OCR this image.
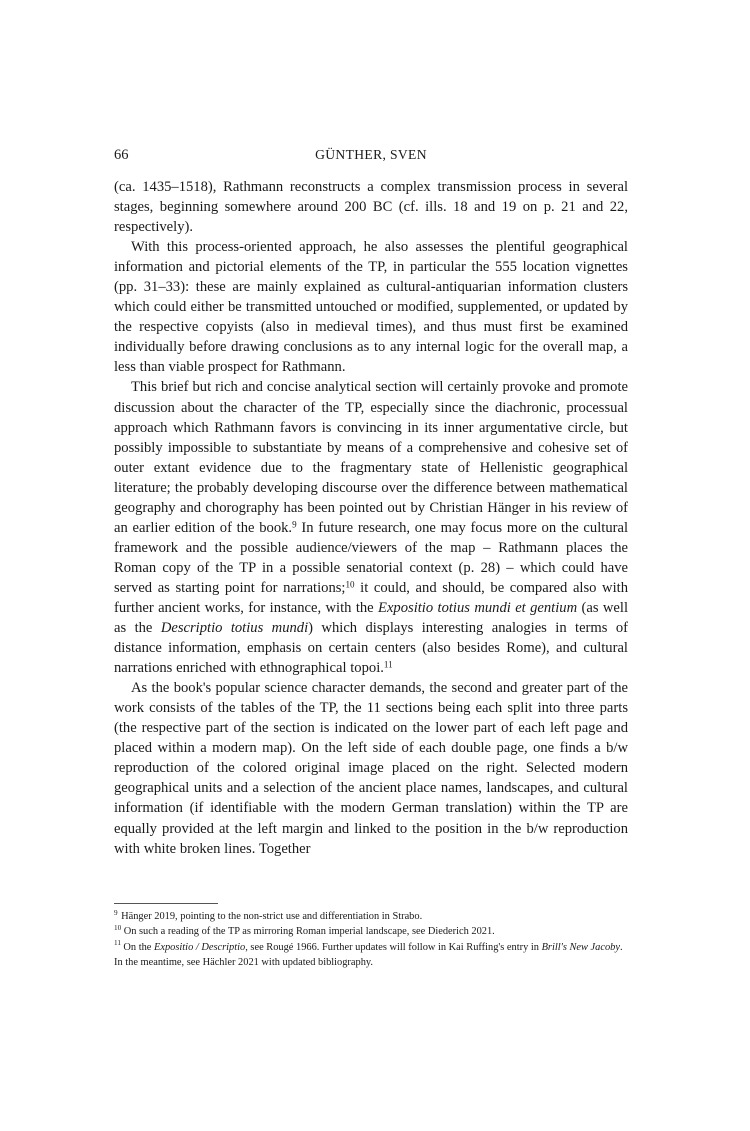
66	GÜNTHER, SVEN

(ca. 1435–1518), Rathmann reconstructs a complex transmission process in several stages, beginning somewhere around 200 BC (cf. ills. 18 and 19 on p. 21 and 22, respectively).

With this process-oriented approach, he also assesses the plentiful geographical information and pictorial elements of the TP, in particular the 555 location vignettes (pp. 31–33): these are mainly explained as cultural-antiquarian information clusters which could either be transmitted untouched or modified, supplemented, or updated by the respective copyists (also in medieval times), and thus must first be examined individually before drawing conclusions as to any internal logic for the overall map, a less than viable prospect for Rathmann.

This brief but rich and concise analytical section will certainly provoke and promote discussion about the character of the TP, especially since the diachronic, processual approach which Rathmann favors is convincing in its inner argumentative circle, but possibly impossible to substantiate by means of a comprehensive and cohesive set of outer extant evidence due to the fragmentary state of Hellenistic geographical literature; the probably developing discourse over the difference between mathematical geography and chorography has been pointed out by Christian Hänger in his review of an earlier edition of the book.$^9$ In future research, one may focus more on the cultural framework and the possible audience/viewers of the map – Rathmann places the Roman copy of the TP in a possible senatorial context (p. 28) – which could have served as starting point for narrations;$^{10}$ it could, and should, be compared also with further ancient works, for instance, with the Expositio totius mundi et gentium (as well as the Descriptio totius mundi) which displays interesting analogies in terms of distance information, emphasis on certain centers (also besides Rome), and cultural narrations enriched with ethnographical topoi.$^{11}$

As the book's popular science character demands, the second and greater part of the work consists of the tables of the TP, the 11 sections being each split into three parts (the respective part of the section is indicated on the lower part of each left page and placed within a modern map). On the left side of each double page, one finds a b/w reproduction of the colored original image placed on the right. Selected modern geographical units and a selection of the ancient place names, landscapes, and cultural information (if identifiable with the modern German translation) within the TP are equally provided at the left margin and linked to the position in the b/w reproduction with white broken lines. Together

$^9$ Hänger 2019, pointing to the non-strict use and differentiation in Strabo.

$^{10}$ On such a reading of the TP as mirroring Roman imperial landscape, see Diederich 2021.

$^{11}$ On the Expositio / Descriptio, see Rougé 1966. Further updates will follow in Kai Ruffing's entry in Brill's New Jacoby. In the meantime, see Hächler 2021 with updated bibliography.
